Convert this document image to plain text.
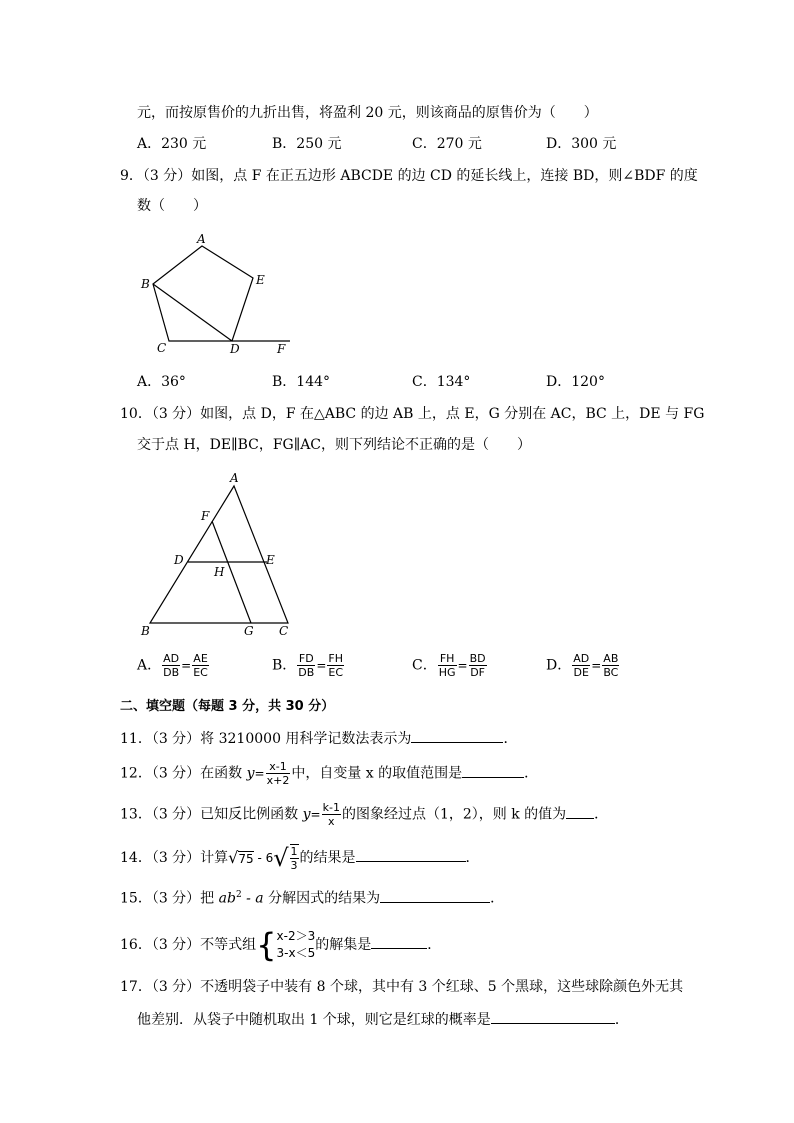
元，而按原售价的九折出售，将盈利 20 元，则该商品的原售价为（　　）
A．230 元	B．250 元	C．270 元	D．300 元
9．（3 分）如图，点 F 在正五边形 ABCDE 的边 CD 的延长线上，连接 BD，则∠BDF 的度
数（　　）
A
B
C	D
E
F
A．36°	B．144°	C．134°	D．120°
10．（3 分）如图，点 D，F 在△ABC 的边 AB 上，点 E，G 分别在 AC，BC 上，DE 与 FG
交于点 H，DE∥BC，FG∥AC，则下列结论不正确的是（　　）
A
B	C
D	E
F
G
H
A． $\frac{AD}{DB} = \frac{AE}{EC}$	B． $\frac{FD}{DB} = \frac{FH}{EC}$	C． $\frac{FH}{HG} = \frac{BD}{DF}$	D． $\frac{AD}{DE} = \frac{AB}{BC}$
二、填空题（每题 3 分，共 30 分）
11．（3 分）将 3210000 用科学记数法表示为	．
12．（3 分）在函数 $y= \frac{x-1}{x+2}$ 中，自变量 x 的取值范围是	．
13．（3 分）已知反比例函数 $y= \frac{k-1}{x}$ 的图象经过点（1，2），则 k 的值为 ．
14．（3 分）计算$√75 - 6√ \frac{1}{3}$ 的结果是	．
15．（3 分）把 $ab^2$ - a 分解因式的结果为	．
16．（3 分）不等式组{ x-2＞3
3-x＜5 的解集是	．
17．（3 分）不透明袋子中装有 8 个球，其中有 3 个红球、5 个黑球，这些球除颜色外无其
他差别．从袋子中随机取出 1 个球，则它是红球的概率是	．
